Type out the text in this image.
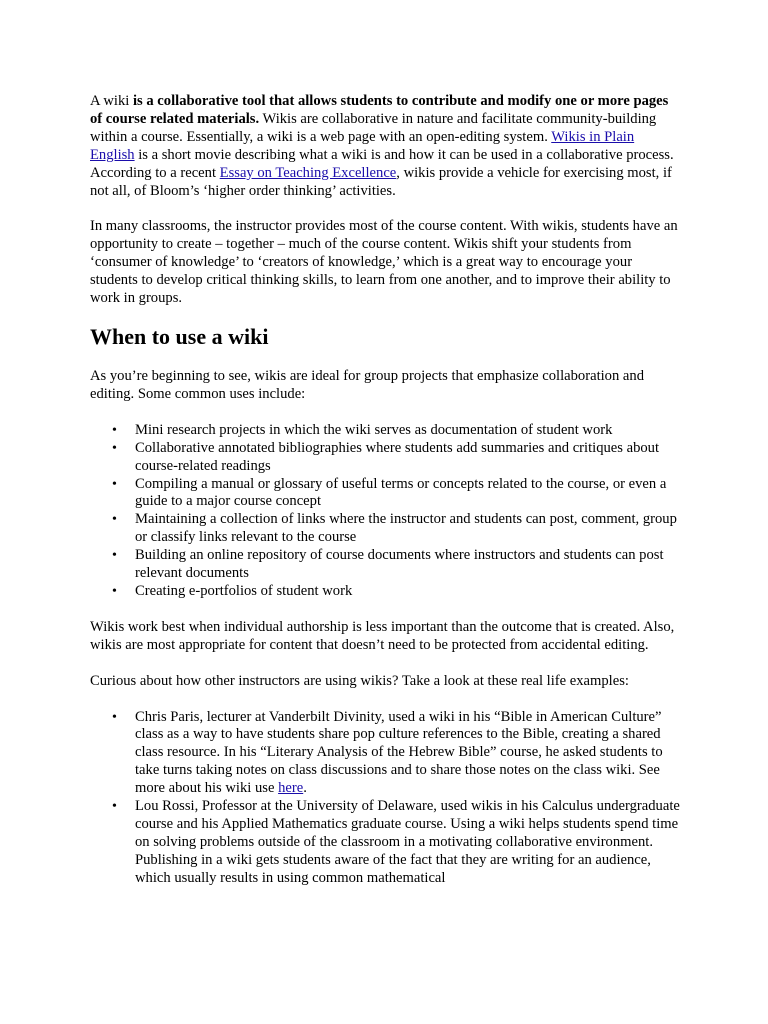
A wiki is a collaborative tool that allows students to contribute and modify one or more pages of course related materials. Wikis are collaborative in nature and facilitate community-building within a course. Essentially, a wiki is a web page with an open-editing system. Wikis in Plain English is a short movie describing what a wiki is and how it can be used in a collaborative process. According to a recent Essay on Teaching Excellence, wikis provide a vehicle for exercising most, if not all, of Bloom’s ‘higher order thinking’ activities.

In many classrooms, the instructor provides most of the course content. With wikis, students have an opportunity to create – together – much of the course content. Wikis shift your students from ‘consumer of knowledge’ to ‘creators of knowledge,’ which is a great way to encourage your students to develop critical thinking skills, to learn from one another, and to improve their ability to work in groups.

When to use a wiki

As you’re beginning to see, wikis are ideal for group projects that emphasize collaboration and editing. Some common uses include:

• Mini research projects in which the wiki serves as documentation of student work
• Collaborative annotated bibliographies where students add summaries and critiques about course-related readings
• Compiling a manual or glossary of useful terms or concepts related to the course, or even a guide to a major course concept
• Maintaining a collection of links where the instructor and students can post, comment, group or classify links relevant to the course
• Building an online repository of course documents where instructors and students can post relevant documents
• Creating e-portfolios of student work

Wikis work best when individual authorship is less important than the outcome that is created. Also, wikis are most appropriate for content that doesn’t need to be protected from accidental editing.

Curious about how other instructors are using wikis? Take a look at these real life examples:

• Chris Paris, lecturer at Vanderbilt Divinity, used a wiki in his “Bible in American Culture” class as a way to have students share pop culture references to the Bible, creating a shared class resource. In his “Literary Analysis of the Hebrew Bible” course, he asked students to take turns taking notes on class discussions and to share those notes on the class wiki. See more about his wiki use here.
• Lou Rossi, Professor at the University of Delaware, used wikis in his Calculus undergraduate course and his Applied Mathematics graduate course. Using a wiki helps students spend time on solving problems outside of the classroom in a motivating collaborative environment. Publishing in a wiki gets students aware of the fact that they are writing for an audience, which usually results in using common mathematical
